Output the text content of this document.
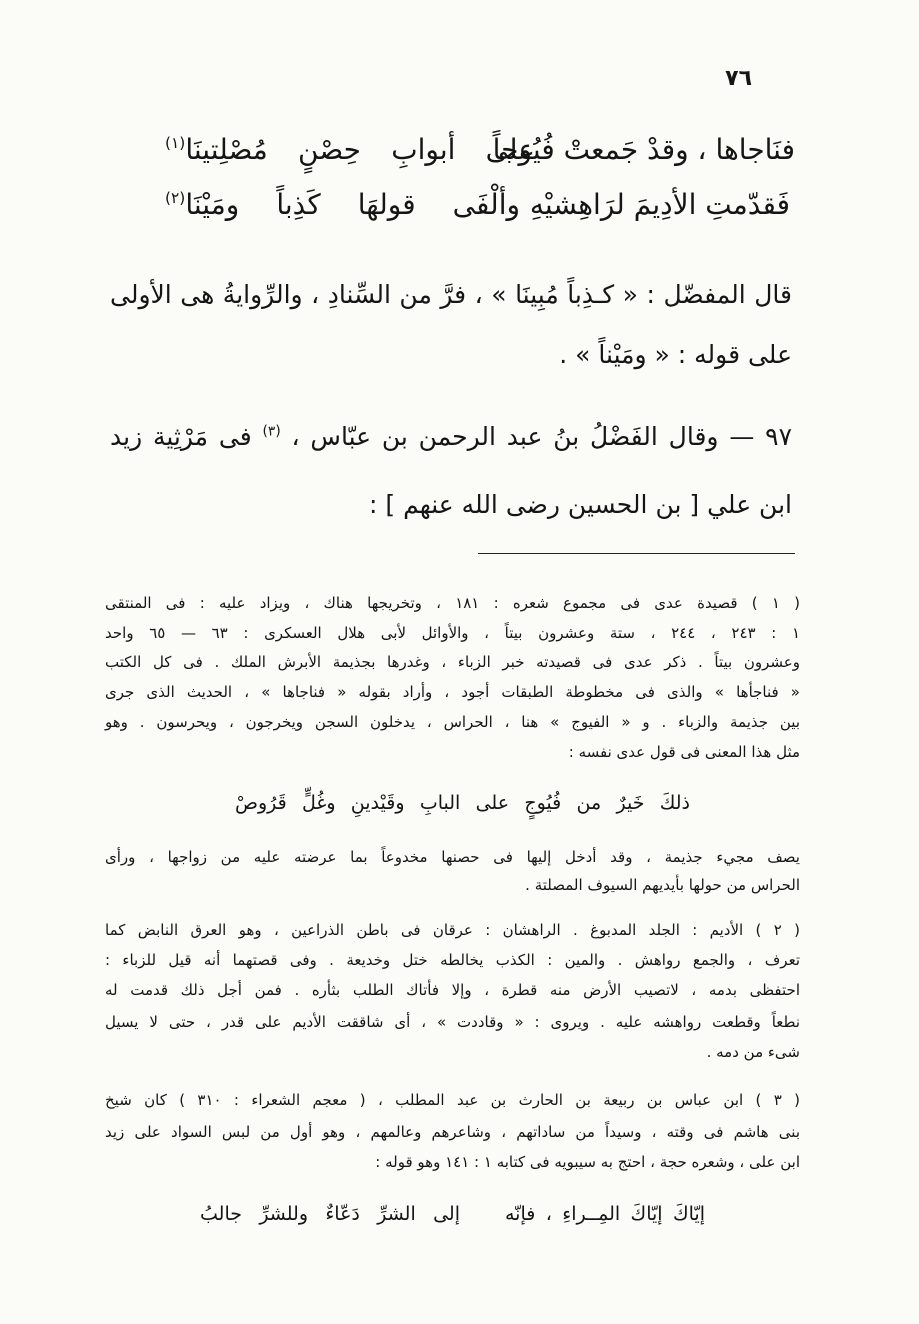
٧٦
فنَاجاها ، وقدْ جَمعتْ فُيُوجاً
على أبوابِ حِصْنٍ مُصْلِتينَا$^{(١)}$
فَقدّمتِ الأدِيمَ لرَاهِشيْهِ
وألْفَى قولهَا كَذِباً ومَيْنَا$^{(٢)}$
قال المفضّل : « كـذِباً مُبِينَا » ، فرَّ من السِّنادِ ، والرِّوايةُ هى الأولى
على قوله : « ومَيْناً » .
٩٧ — وقال الفَضْلُ بنُ عبد الرحمن بن عبّاس ، $^{(٣)}$ فى مَرْثِية زيد
ابن علي [ بن الحسين رضى الله عنهم ] :
( ١ ) قصيدة عدى فى مجموع شعره : ١٨١ ، وتخريجها هناك ، ويزاد عليه : فى المنتقى
١ : ٢٤٣ ، ٢٤٤ ، ستة وعشرون بيتاً ، والأوائل لأبى هلال العسكرى : ٦٣ — ٦٥ واحد
وعشرون بيتاً . ذكر عدى فى قصيدته خبر الزباء ، وغدرها بجذيمة الأبرش الملك . فى كل الكتب
« فناجأها » والذى فى مخطوطة الطبقات أجود ، وأراد بقوله « فناجاها » ، الحديث الذى جرى
بين جذيمة والزباء . و « الفيوج » هنا ، الحراس ، يدخلون السجن ويخرجون ، ويحرسون . وهو
مثل هذا المعنى فى قول عدى نفسه :
ذلكَ خَيرٌ من فُيُوجٍ على البابِ وقَيْدينِ وغُلٍّ قَرُوصْ
يصف مجيء جذيمة ، وقد أدخل إليها فى حصنها مخدوعاً بما عرضته عليه من زواجها ، ورأى
الحراس من حولها بأيديهم السيوف المصلتة .
( ٢ ) الأديم : الجلد المدبوغ . الراهشان : عرقان فى باطن الذراعين ، وهو العرق النابض كما
تعرف ، والجمع رواهش . والمين : الكذب يخالطه ختل وخديعة . وفى قصتهما أنه قيل للزباء :
احتفظى بدمه ، لاتصيب الأرض منه قطرة ، وإلا فأتاك الطلب بثأره . فمن أجل ذلك قدمت له
نطعاً وقطعت رواهشه عليه . ويروى : « وقاددت » ، أى شاققت الأديم على قدر ، حتى لا يسيل
شىء من دمه .
( ٣ ) ابن عباس بن ربيعة بن الحارث بن عبد المطلب ، ( معجم الشعراء : ٣١٠ ) كان شيخ
بنى هاشم فى وقته ، وسيداً من ساداتهم ، وشاعرهم وعالمهم ، وهو أول من لبس السواد على زيد
ابن على ، وشعره حجة ، احتج به سيبويه فى كتابه ١ : ١٤١ وهو قوله :
إيّاكَ إيّاكَ المِــراءِ ، فإنّه
إلى الشرِّ دَعّاءٌ وللشرِّ جالبُ
